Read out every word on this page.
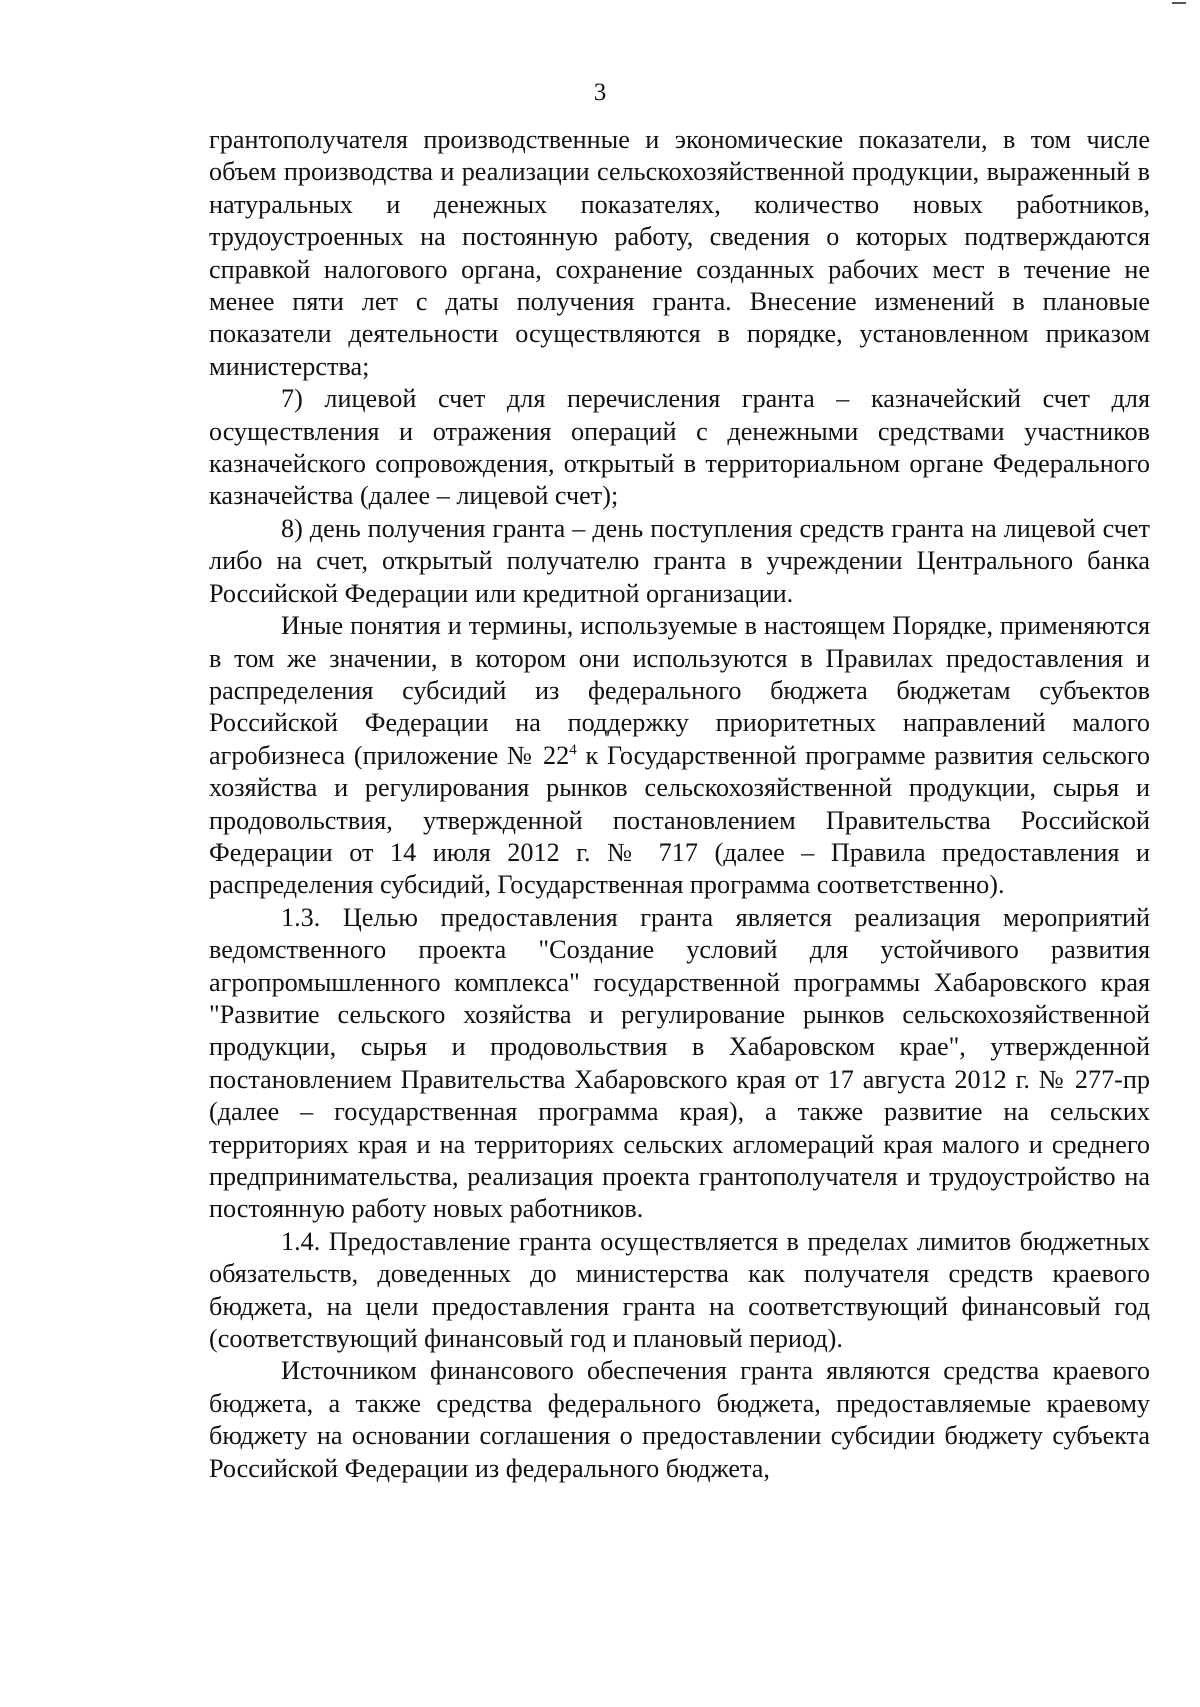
3

грантополучателя производственные и экономические показатели, в том числе объем производства и реализации сельскохозяйственной продукции, выраженный в натуральных и денежных показателях, количество новых работников, трудоустроенных на постоянную работу, сведения о которых подтверждаются справкой налогового органа, сохранение созданных рабочих мест в течение не менее пяти лет с даты получения гранта. Внесение изменений в плановые показатели деятельности осуществляются в порядке, установленном приказом министерства;

7) лицевой счет для перечисления гранта – казначейский счет для осуществления и отражения операций с денежными средствами участников казначейского сопровождения, открытый в территориальном органе Федерального казначейства (далее – лицевой счет);

8) день получения гранта – день поступления средств гранта на лицевой счет либо на счет, открытый получателю гранта в учреждении Центрального банка Российской Федерации или кредитной организации.

Иные понятия и термины, используемые в настоящем Порядке, применяются в том же значении, в котором они используются в Правилах предоставления и распределения субсидий из федерального бюджета бюджетам субъектов Российской Федерации на поддержку приоритетных направлений малого агробизнеса (приложение № $22^4$ к Государственной программе развития сельского хозяйства и регулирования рынков сельскохозяйственной продукции, сырья и продовольствия, утвержденной постановлением Правительства Российской Федерации от 14 июля 2012 г. № 717 (далее – Правила предоставления и распределения субсидий, Государственная программа соответственно).

1.3. Целью предоставления гранта является реализация мероприятий ведомственного проекта "Создание условий для устойчивого развития агропромышленного комплекса" государственной программы Хабаровского края "Развитие сельского хозяйства и регулирование рынков сельскохозяйственной продукции, сырья и продовольствия в Хабаровском крае", утвержденной постановлением Правительства Хабаровского края от 17 августа 2012 г. № 277-пр (далее – государственная программа края), а также развитие на сельских территориях края и на территориях сельских агломераций края малого и среднего предпринимательства, реализация проекта грантополучателя и трудоустройство на постоянную работу новых работников.

1.4. Предоставление гранта осуществляется в пределах лимитов бюджетных обязательств, доведенных до министерства как получателя средств краевого бюджета, на цели предоставления гранта на соответствующий финансовый год (соответствующий финансовый год и плановый период).

Источником финансового обеспечения гранта являются средства краевого бюджета, а также средства федерального бюджета, предоставляемые краевому бюджету на основании соглашения о предоставлении субсидии бюджету субъекта Российской Федерации из федерального бюджета,
